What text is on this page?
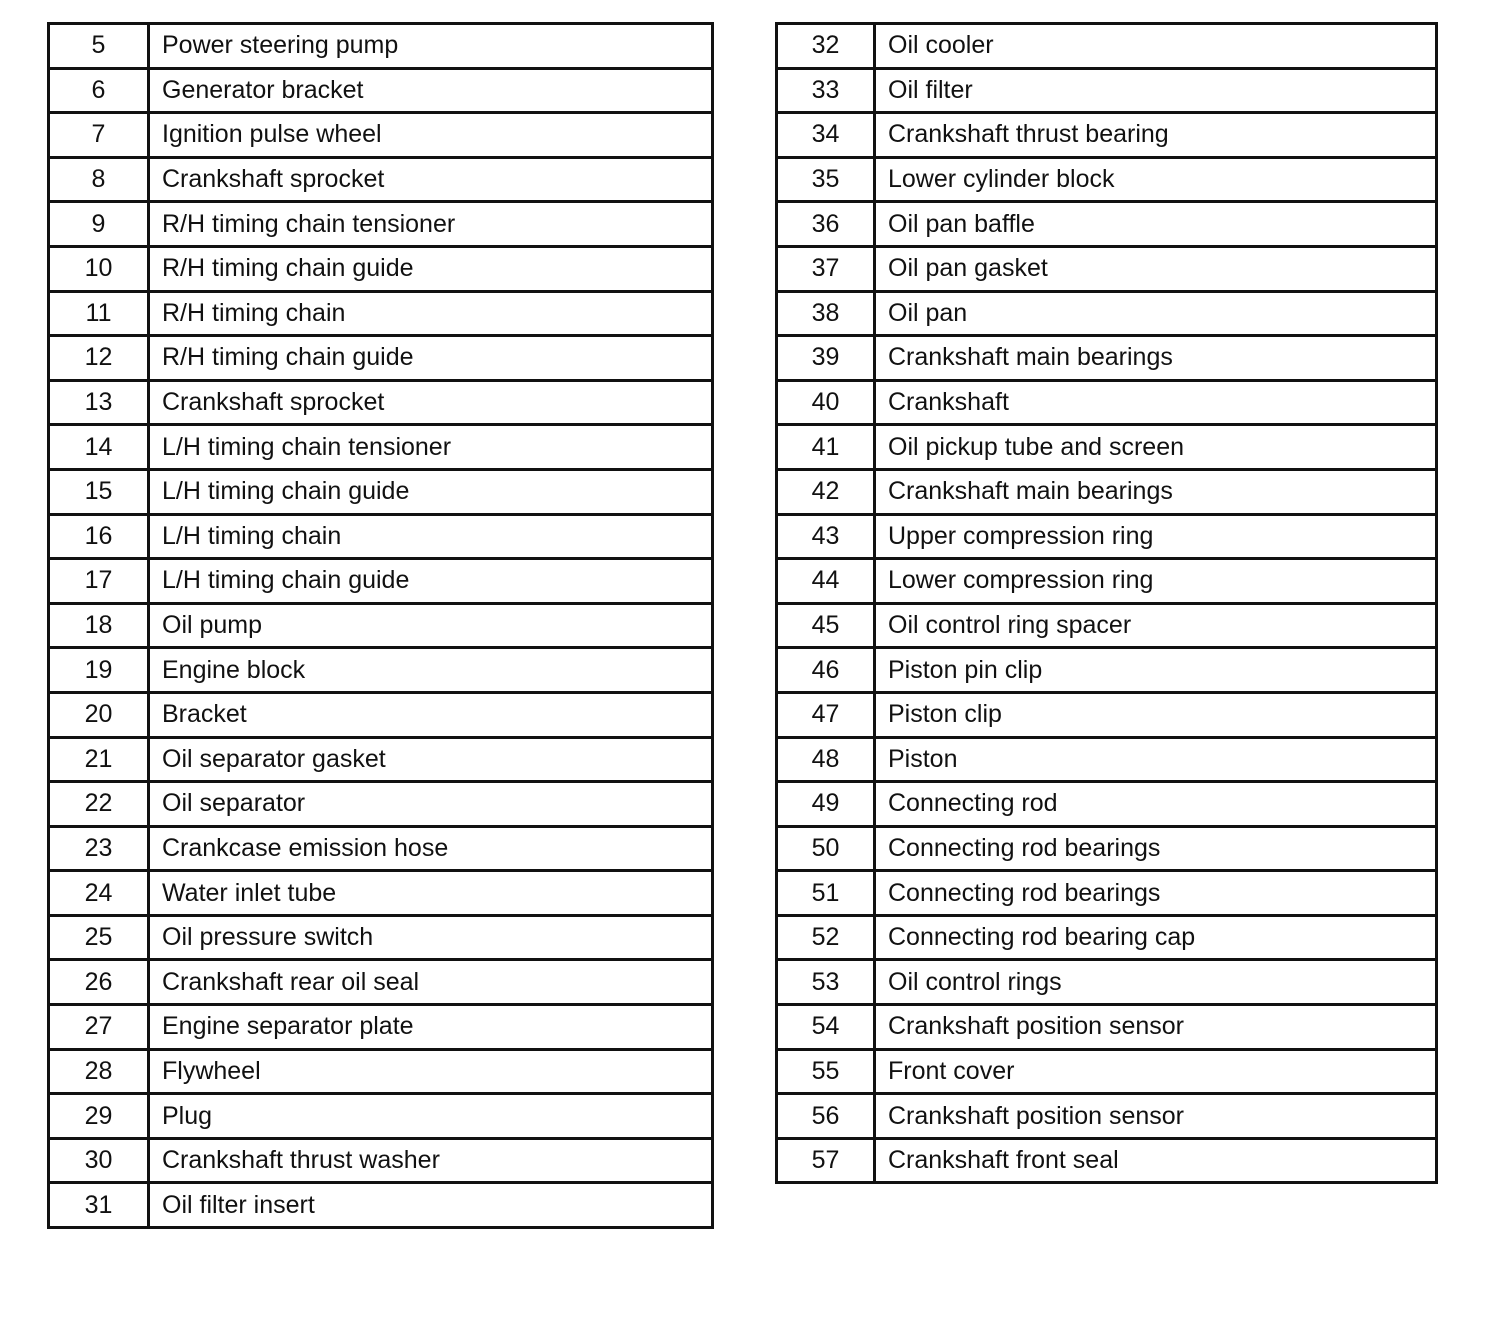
5	Power steering pump
6	Generator bracket
7	Ignition pulse wheel
8	Crankshaft sprocket
9	R/H timing chain tensioner
10	R/H timing chain guide
11	R/H timing chain
12	R/H timing chain guide
13	Crankshaft sprocket
14	L/H timing chain tensioner
15	L/H timing chain guide
16	L/H timing chain
17	L/H timing chain guide
18	Oil pump
19	Engine block
20	Bracket
21	Oil separator gasket
22	Oil separator
23	Crankcase emission hose
24	Water inlet tube
25	Oil pressure switch
26	Crankshaft rear oil seal
27	Engine separator plate
28	Flywheel
29	Plug
30	Crankshaft thrust washer
31	Oil filter insert
32	Oil cooler
33	Oil filter
34	Crankshaft thrust bearing
35	Lower cylinder block
36	Oil pan baffle
37	Oil pan gasket
38	Oil pan
39	Crankshaft main bearings
40	Crankshaft
41	Oil pickup tube and screen
42	Crankshaft main bearings
43	Upper compression ring
44	Lower compression ring
45	Oil control ring spacer
46	Piston pin clip
47	Piston clip
48	Piston
49	Connecting rod
50	Connecting rod bearings
51	Connecting rod bearings
52	Connecting rod bearing cap
53	Oil control rings
54	Crankshaft position sensor
55	Front cover
56	Crankshaft position sensor
57	Crankshaft front seal
